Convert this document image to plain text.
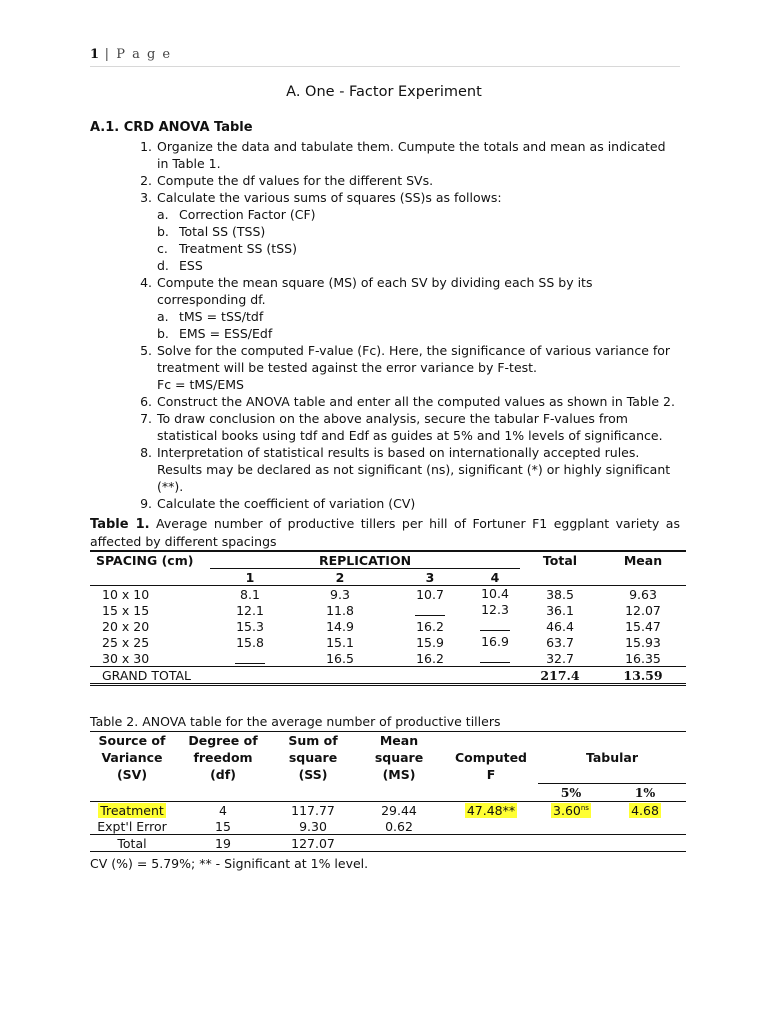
1 | P a g e
A. One - Factor Experiment
A.1. CRD ANOVA Table
1. Organize the data and tabulate them. Cumpute the totals and mean as indicated in Table 1.
2. Compute the df values for the different SVs.
3. Calculate the various sums of squares (SS)s as follows:
a. Correction Factor (CF)
b. Total SS (TSS)
c. Treatment SS (tSS)
d. ESS
4. Compute the mean square (MS) of each SV by dividing each SS by its corresponding df.
a. tMS = tSS/tdf
b. EMS = ESS/Edf
5. Solve for the computed F-value (Fc). Here, the significance of various variance for treatment will be tested against the error variance by F-test.
Fc = tMS/EMS
6. Construct the ANOVA table and enter all the computed values as shown in Table 2.
7. To draw conclusion on the above analysis, secure the tabular F-values from statistical books using tdf and Edf as guides at 5% and 1% levels of significance.
8. Interpretation of statistical results is based on internationally accepted rules. Results may be declared as not significant (ns), significant (*) or highly significant (**).
9. Calculate the coefficient of variation (CV)
Table 1. Average number of productive tillers per hill of Fortuner F1 eggplant variety as affected by different spacings
SPACING (cm)	REPLICATION				Total	Mean
	1	2	3	4		
10 x 10	8.1	9.3	10.7	10.4	38.5	9.63
15 x 15	12.1	11.8		12.3	36.1	12.07
20 x 20	15.3	14.9	16.2		46.4	15.47
25 x 25	15.8	15.1	15.9	16.9	63.7	15.93
30 x 30		16.5	16.2		32.7	16.35
GRAND TOTAL					217.4	13.59
Table 2. ANOVA table for the average number of productive tillers
Source of
Variance
(SV)	Degree of
freedom
(df)	Sum of
square
(SS)	Mean
square
(MS)	Computed
F	Tabular	
					5%	1%
Treatment	4	117.77	29.44	47.48**	$3.60^{ns}$	4.68
Expt'l Error	15	9.30	0.62			
Total	19	127.07				
CV (%) = 5.79%; ** - Significant at 1% level.
